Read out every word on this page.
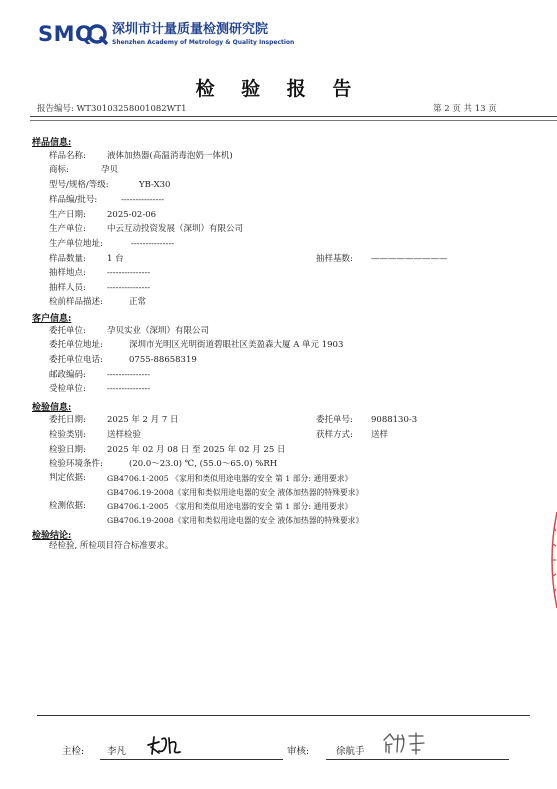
SMQ 深圳市计量质量检测研究院
Shenzhen Academy of Metrology & Quality Inspection
检 验 报 告
报告编号: WT30103258001082WT1	第 2 页 共 13 页
样品信息:
样品名称: 液体加热器(高温消毒泡奶一体机)
商标:	孕贝
型号/规格/等级:	YB-X30
样品编/批号:	---------------
生产日期: 2025-02-06
生产单位: 中云互动投资发展（深圳）有限公司
生产单位地址:	---------------
样品数量: 1 台	抽样基数: —————————
抽样地点: ---------------
抽样人员: ---------------
检前样品描述:	正常
客户信息:
委托单位: 孕贝实业（深圳）有限公司
委托单位地址:	深圳市光明区光明街道碧眼社区美盈森大厦 A 单元 1903
委托单位电话:	0755-88658319
邮政编码: ---------------
受检单位: ---------------
检验信息:
委托日期: 2025 年 2 月 7 日	委托单号: 9088130-3
检验类别: 送样检验	获样方式: 送样
检验日期: 2025 年 02 月 08 日 至 2025 年 02 月 25 日
检验环境条件:	(20.0～23.0) ℃, (55.0～65.0) %RH
判定依据:	GB4706.1-2005 《家用和类似用途电器的安全 第 1 部分: 通用要求》
GB4706.19-2008《家用和类似用途电器的安全 液体加热器的特殊要求》
检测依据:	GB4706.1-2005 《家用和类似用途电器的安全 第 1 部分: 通用要求》
GB4706.19-2008《家用和类似用途电器的安全 液体加热器的特殊要求》
检验结论:
经检验, 所检项目符合标准要求。
主检: 李凡	审核:	徐航手
